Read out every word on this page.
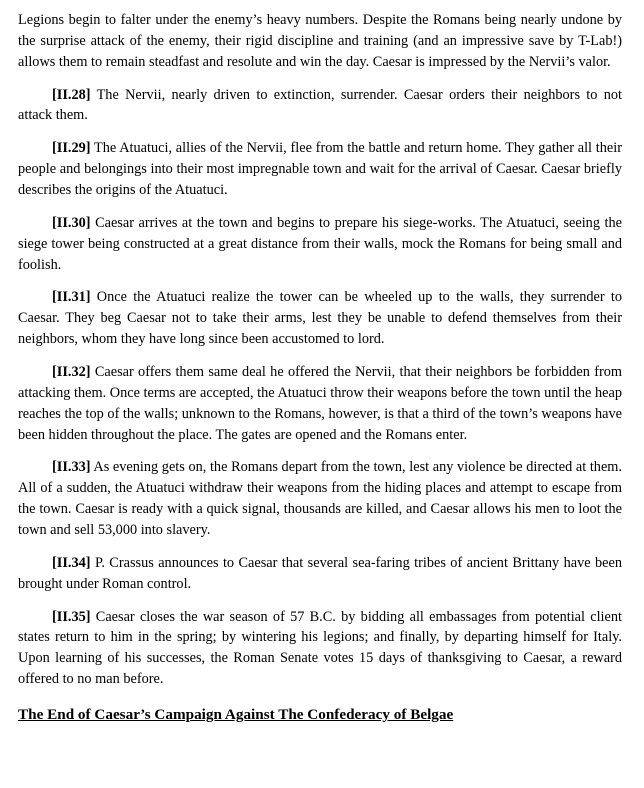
Legions begin to falter under the enemy’s heavy numbers. Despite the Romans being nearly undone by the surprise attack of the enemy, their rigid discipline and training (and an impressive save by T-Lab!) allows them to remain steadfast and resolute and win the day. Caesar is impressed by the Nervii’s valor.

[II.28] The Nervii, nearly driven to extinction, surrender. Caesar orders their neighbors to not attack them.

[II.29] The Atuatuci, allies of the Nervii, flee from the battle and return home. They gather all their people and belongings into their most impregnable town and wait for the arrival of Caesar. Caesar briefly describes the origins of the Atuatuci.

[II.30] Caesar arrives at the town and begins to prepare his siege-works. The Atuatuci, seeing the siege tower being constructed at a great distance from their walls, mock the Romans for being small and foolish.

[II.31] Once the Atuatuci realize the tower can be wheeled up to the walls, they surrender to Caesar. They beg Caesar not to take their arms, lest they be unable to defend themselves from their neighbors, whom they have long since been accustomed to lord.

[II.32] Caesar offers them same deal he offered the Nervii, that their neighbors be forbidden from attacking them. Once terms are accepted, the Atuatuci throw their weapons before the town until the heap reaches the top of the walls; unknown to the Romans, however, is that a third of the town’s weapons have been hidden throughout the place. The gates are opened and the Romans enter.

[II.33] As evening gets on, the Romans depart from the town, lest any violence be directed at them. All of a sudden, the Atuatuci withdraw their weapons from the hiding places and attempt to escape from the town. Caesar is ready with a quick signal, thousands are killed, and Caesar allows his men to loot the town and sell 53,000 into slavery.

[II.34] P. Crassus announces to Caesar that several sea-faring tribes of ancient Brittany have been brought under Roman control.

[II.35] Caesar closes the war season of 57 B.C. by bidding all embassages from potential client states return to him in the spring; by wintering his legions; and finally, by departing himself for Italy. Upon learning of his successes, the Roman Senate votes 15 days of thanksgiving to Caesar, a reward offered to no man before.

The End of Caesar’s Campaign Against The Confederacy of Belgae
